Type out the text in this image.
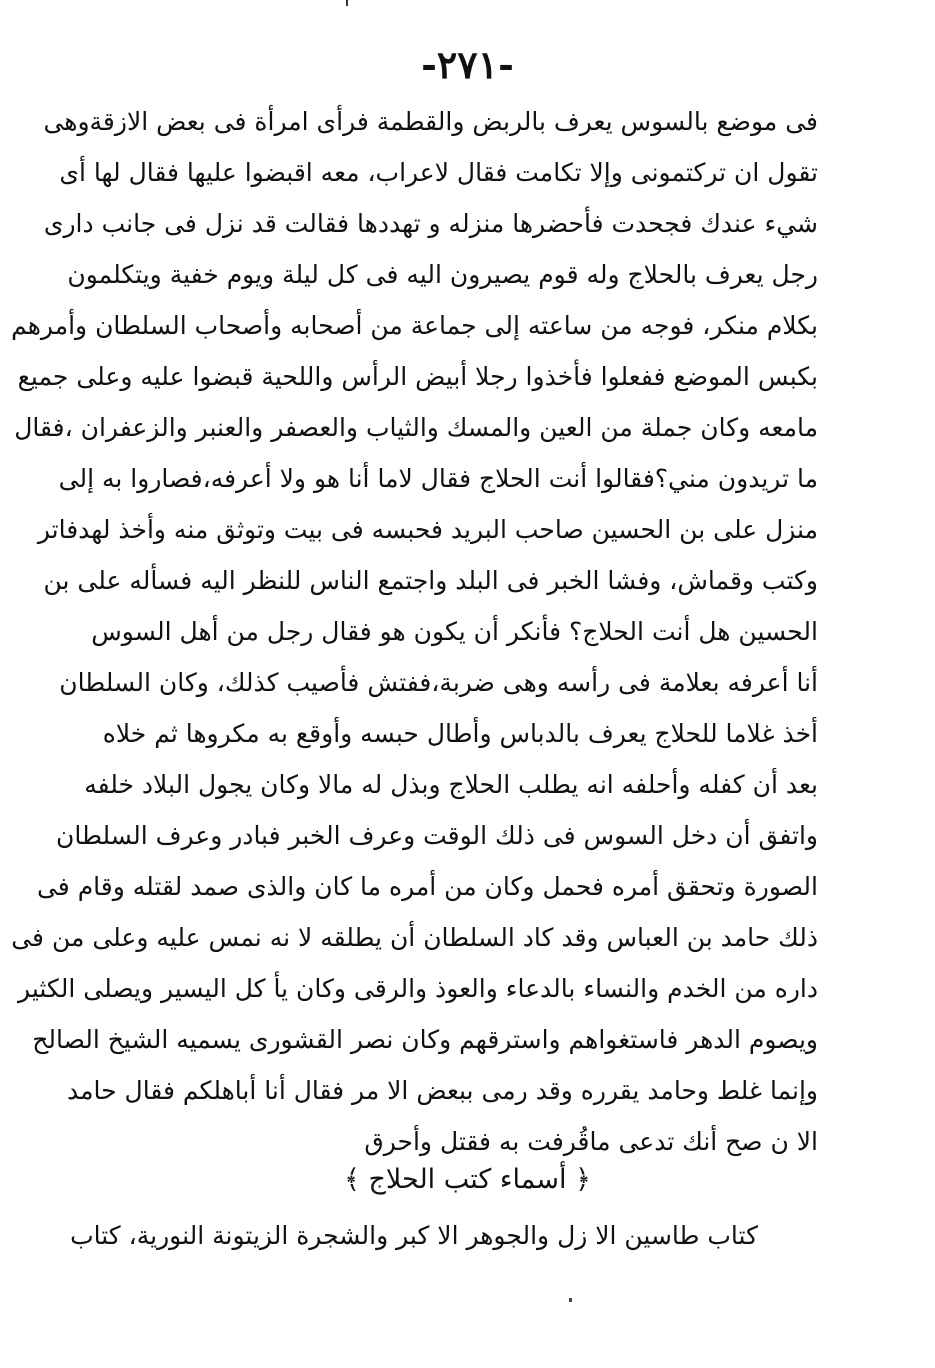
-٢٧١-
فى موضع بالسوس يعرف بالربض والقطمة فرأى امرأة فى بعض الازقةوهى
تقول ان تركتمونى وإلا تكامت فقال لاعراب، معه اقبضوا عليها فقال لها أى
شيء عندك فجحدت فأحضرها منزله و تهددها فقالت قد نزل فى جانب دارى
رجل يعرف بالحلاج وله قوم يصيرون اليه فى كل ليلة ويوم خفية ويتكلمون
بكلام منكر، فوجه من ساعته إلى جماعة من أصحابه وأصحاب السلطان وأمرهم
بكبس الموضع ففعلوا فأخذوا رجلا أبيض الرأس واللحية قبضوا عليه وعلى جميع
مامعه وكان جملة من العين والمسك والثياب والعصفر والعنبر والزعفران ،فقال
ما تريدون مني؟فقالوا أنت الحلاج فقال لاما أنا هو ولا أعرفه،فصاروا به إلى
منزل على بن الحسين صاحب البريد فحبسه فى بيت وتوثق منه وأخذ لهدفاتر
وكتب وقماش، وفشا الخبر فى البلد واجتمع الناس للنظر اليه فسأله على بن
الحسين هل أنت الحلاج؟ فأنكر أن يكون هو فقال رجل من أهل السوس
أنا أعرفه بعلامة فى رأسه وهى ضربة،ففتش فأصيب كذلك، وكان السلطان
أخذ غلاما للحلاج يعرف بالدباس وأطال حبسه وأوقع به مكروها ثم خلاه
بعد أن كفله وأحلفه انه يطلب الحلاج وبذل له مالا وكان يجول البلاد خلفه
واتفق أن دخل السوس فى ذلك الوقت وعرف الخبر فبادر وعرف السلطان
الصورة وتحقق أمره فحمل وكان من أمره ما كان والذى صمد لقتله وقام فى
ذلك حامد بن العباس وقد كاد السلطان أن يطلقه لا نه نمس عليه وعلى من فى
داره من الخدم والنساء بالدعاء والعوذ والرقى وكان يأ كل اليسير ويصلى الكثير
ويصوم الدهر فاستغواهم واسترقهم وكان نصر القشورى يسميه الشيخ الصالح
وإنما غلط وحامد يقرره وقد رمى ببعض الا مر فقال أنا أباهلكم فقال حامد
الا ن صح أنك تدعى ماقُرفت به فقتل وأحرق
﴿ أسماء كتب الحلاج ﴾
كتاب طاسين الا زل والجوهر الا كبر والشجرة الزيتونة النورية، كتاب
